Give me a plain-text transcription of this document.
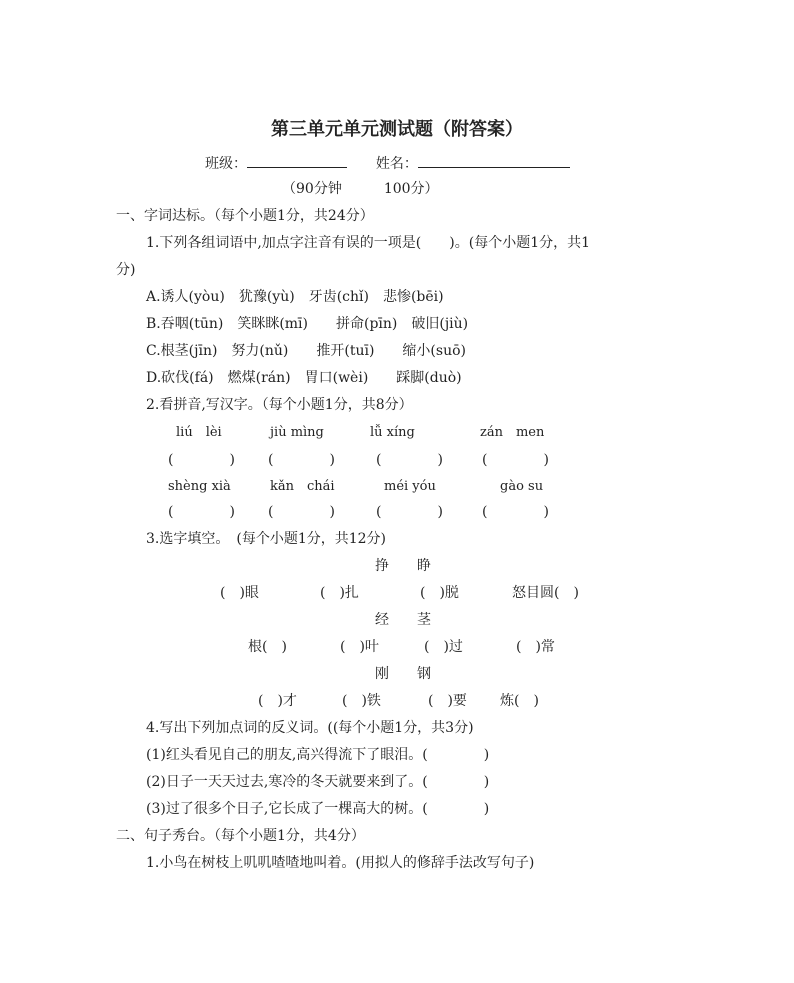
第三单元单元测试题（附答案）
班级：	姓名：
（90分钟　　　100分）
一、字词达标。（每个小题1分，共24分）
1.下列各组词语中,加点字注音有误的一项是(　　)。(每个小题1分，共1
分)
A.诱人(yòu)　犹豫(yù)　牙齿(chǐ)　悲惨(bēi)
B.吞咽(tūn)　笑眯眯(mī)　　拼命(pīn)　破旧(jiù)
C.根茎(jīn)　努力(nǔ)　　推开(tuī)　　缩小(suō)
D.砍伐(fá)　燃煤(rán)　胃口(wèi)　　踩脚(duò)
2.看拼音,写汉字。（每个小题1分，共8分）
liú　lèi	jiù mìng	lǚ xíng	zán　men
(　　　　) (　　　　)	(　　　　)	(　　　　)
shèng xià	kǎn　chái	méi yóu	gào su
(　　　　) (　　　　)	(　　　　)	(　　　　)
3.选字填空。　(每个小题1分，共12分)
挣　　睁
(　)眼	(　)扎	(　)脱	怒目圆(　)
经　　茎
根(　)	(　)叶	(　)过	(　)常
刚　　钢
(　)才	(　)铁	(　)要 炼(　)
4.写出下列加点词的反义词。((每个小题1分，共3分)
(1)红头看见自己的朋友,高兴得流下了眼泪。(　　　　)
(2)日子一天天过去,寒冷的冬天就要来到了。(　　　　)
(3)过了很多个日子,它长成了一棵高大的树。(　　　　)
二、句子秀台。（每个小题1分，共4分）
1.小鸟在树枝上叽叽喳喳地叫着。(用拟人的修辞手法改写句子)
